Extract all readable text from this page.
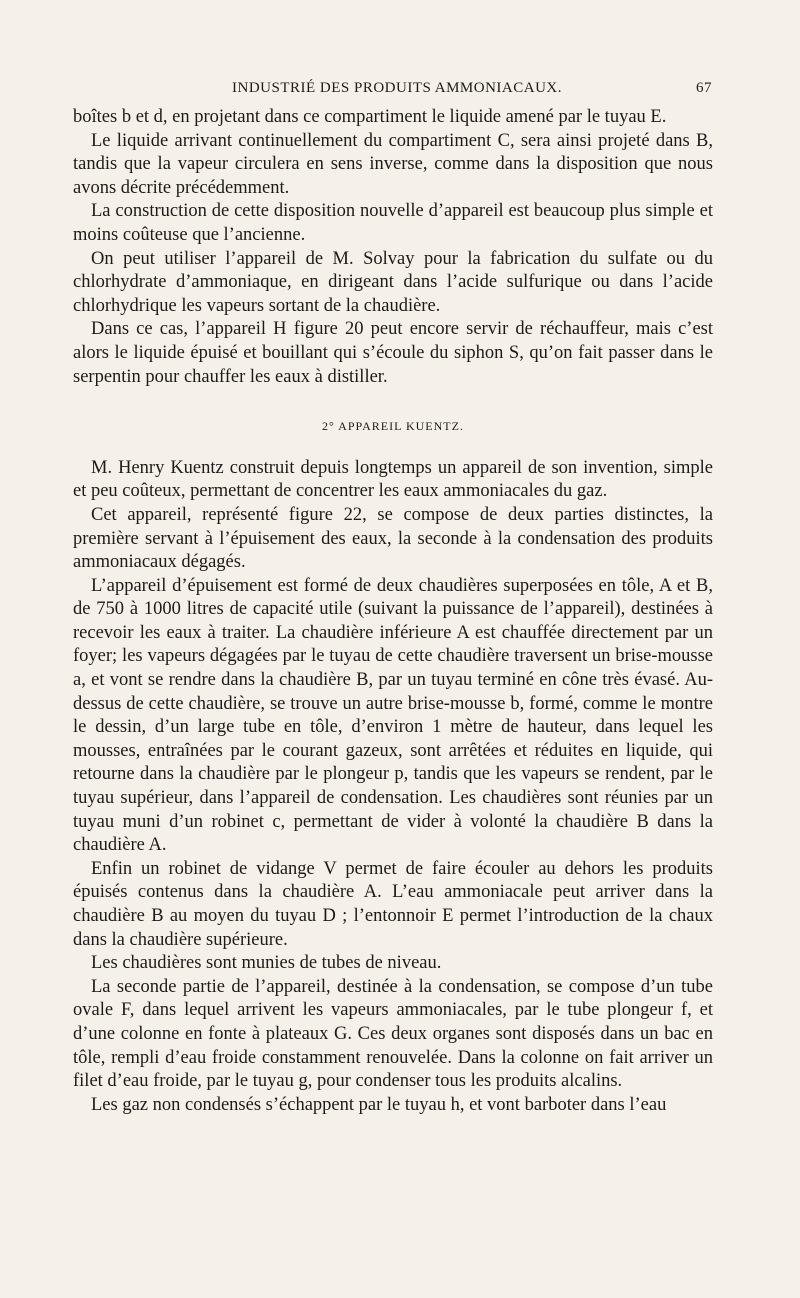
INDUSTRIÉ DES PRODUITS AMMONIACAUX.	67

boîtes b et d, en projetant dans ce compartiment le liquide amené par le tuyau E.

Le liquide arrivant continuellement du compartiment C, sera ainsi projeté dans B, tandis que la vapeur circulera en sens inverse, comme dans la disposition que nous avons décrite précédemment.

La construction de cette disposition nouvelle d’appareil est beaucoup plus simple et moins coûteuse que l’ancienne.

On peut utiliser l’appareil de M. Solvay pour la fabrication du sulfate ou du chlorhydrate d’ammoniaque, en dirigeant dans l’acide sulfurique ou dans l’acide chlorhydrique les vapeurs sortant de la chaudière.

Dans ce cas, l’appareil H figure 20 peut encore servir de réchauffeur, mais c’est alors le liquide épuisé et bouillant qui s’écoule du siphon S, qu’on fait passer dans le serpentin pour chauffer les eaux à distiller.

2° APPAREIL KUENTZ.

M. Henry Kuentz construit depuis longtemps un appareil de son invention, simple et peu coûteux, permettant de concentrer les eaux ammoniacales du gaz.

Cet appareil, représenté figure 22, se compose de deux parties distinctes, la première servant à l’épuisement des eaux, la seconde à la condensation des produits ammoniacaux dégagés.

L’appareil d’épuisement est formé de deux chaudières superposées en tôle, A et B, de 750 à 1000 litres de capacité utile (suivant la puissance de l’appareil), destinées à recevoir les eaux à traiter. La chaudière inférieure A est chauffée directement par un foyer; les vapeurs dégagées par le tuyau de cette chaudière traversent un brise-mousse a, et vont se rendre dans la chaudière B, par un tuyau terminé en cône très évasé. Au-dessus de cette chaudière, se trouve un autre brise-mousse b, formé, comme le montre le dessin, d’un large tube en tôle, d’environ 1 mètre de hauteur, dans lequel les mousses, entraînées par le courant gazeux, sont arrêtées et réduites en liquide, qui retourne dans la chaudière par le plongeur p, tandis que les vapeurs se rendent, par le tuyau supérieur, dans l’appareil de condensation. Les chaudières sont réunies par un tuyau muni d’un robinet c, permettant de vider à volonté la chaudière B dans la chaudière A.

Enfin un robinet de vidange V permet de faire écouler au dehors les produits épuisés contenus dans la chaudière A. L’eau ammoniacale peut arriver dans la chaudière B au moyen du tuyau D ; l’entonnoir E permet l’introduction de la chaux dans la chaudière supérieure.

Les chaudières sont munies de tubes de niveau.

La seconde partie de l’appareil, destinée à la condensation, se compose d’un tube ovale F, dans lequel arrivent les vapeurs ammoniacales, par le tube plongeur f, et d’une colonne en fonte à plateaux G. Ces deux organes sont disposés dans un bac en tôle, rempli d’eau froide constamment renouvelée. Dans la colonne on fait arriver un filet d’eau froide, par le tuyau g, pour condenser tous les produits alcalins.

Les gaz non condensés s’échappent par le tuyau h, et vont barboter dans l’eau
